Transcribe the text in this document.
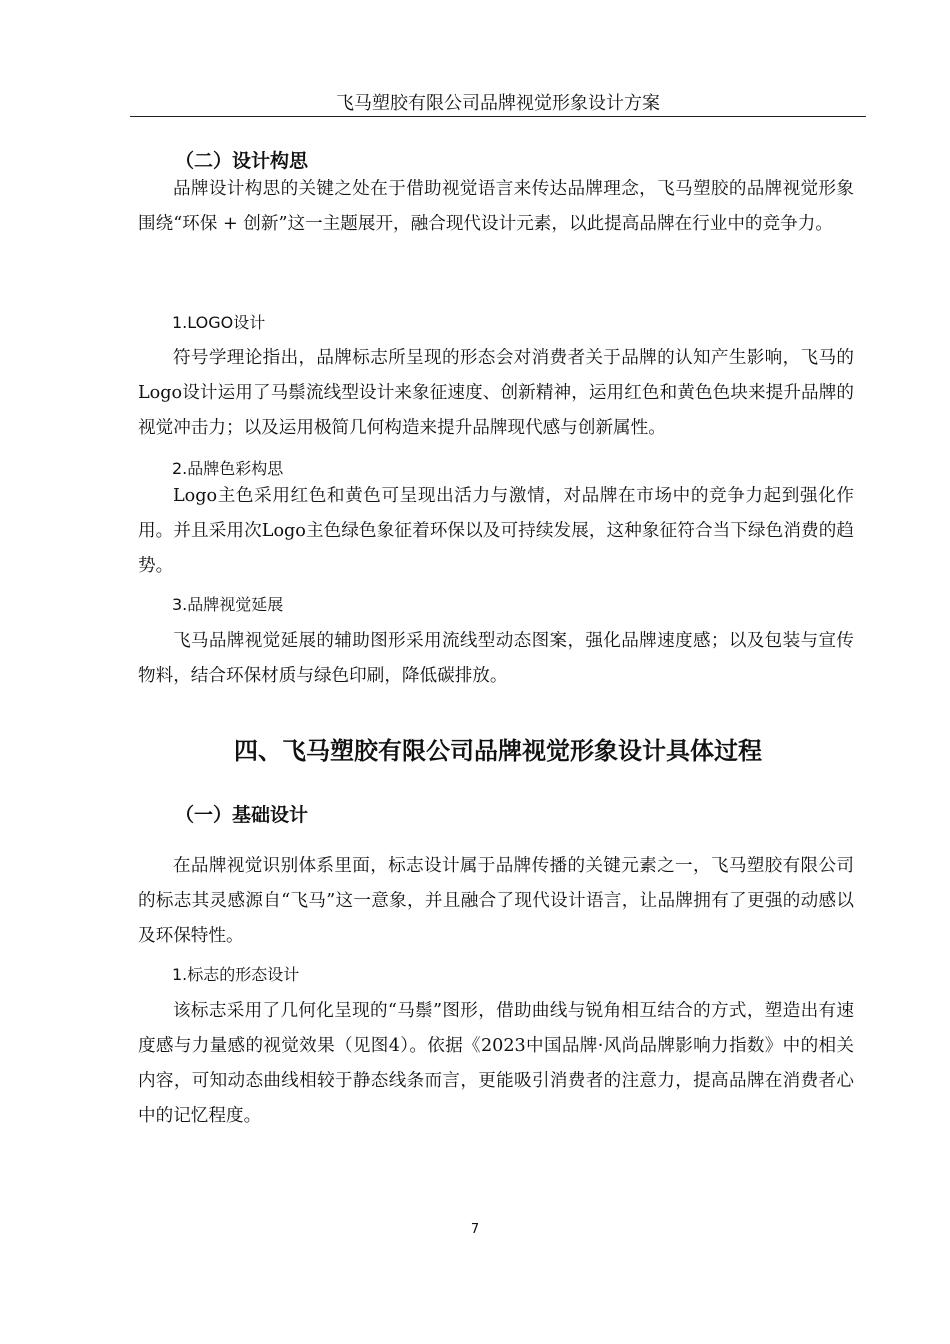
飞马塑胶有限公司品牌视觉形象设计方案
（二）设计构思
品牌设计构思的关键之处在于借助视觉语言来传达品牌理念，飞马塑胶的品牌视觉形象围绕“环保 + 创新”这一主题展开，融合现代设计元素，以此提高品牌在行业中的竞争力。
1.LOGO设计
符号学理论指出，品牌标志所呈现的形态会对消费者关于品牌的认知产生影响，飞马的Logo设计运用了马鬃流线型设计来象征速度、创新精神，运用红色和黄色色块来提升品牌的视觉冲击力；以及运用极简几何构造来提升品牌现代感与创新属性。
2.品牌色彩构思
Logo主色采用红色和黄色可呈现出活力与激情，对品牌在市场中的竞争力起到强化作用。并且采用次Logo主色绿色象征着环保以及可持续发展，这种象征符合当下绿色消费的趋势。
3.品牌视觉延展
飞马品牌视觉延展的辅助图形采用流线型动态图案，强化品牌速度感；以及包装与宣传物料，结合环保材质与绿色印刷，降低碳排放。
四、飞马塑胶有限公司品牌视觉形象设计具体过程
（一）基础设计
在品牌视觉识别体系里面，标志设计属于品牌传播的关键元素之一，飞马塑胶有限公司的标志其灵感源自“飞马”这一意象，并且融合了现代设计语言，让品牌拥有了更强的动感以及环保特性。
1.标志的形态设计
该标志采用了几何化呈现的“马鬃”图形，借助曲线与锐角相互结合的方式，塑造出有速度感与力量感的视觉效果（见图4）。依据《2023中国品牌·风尚品牌影响力指数》中的相关内容，可知动态曲线相较于静态线条而言，更能吸引消费者的注意力，提高品牌在消费者心中的记忆程度。
7
